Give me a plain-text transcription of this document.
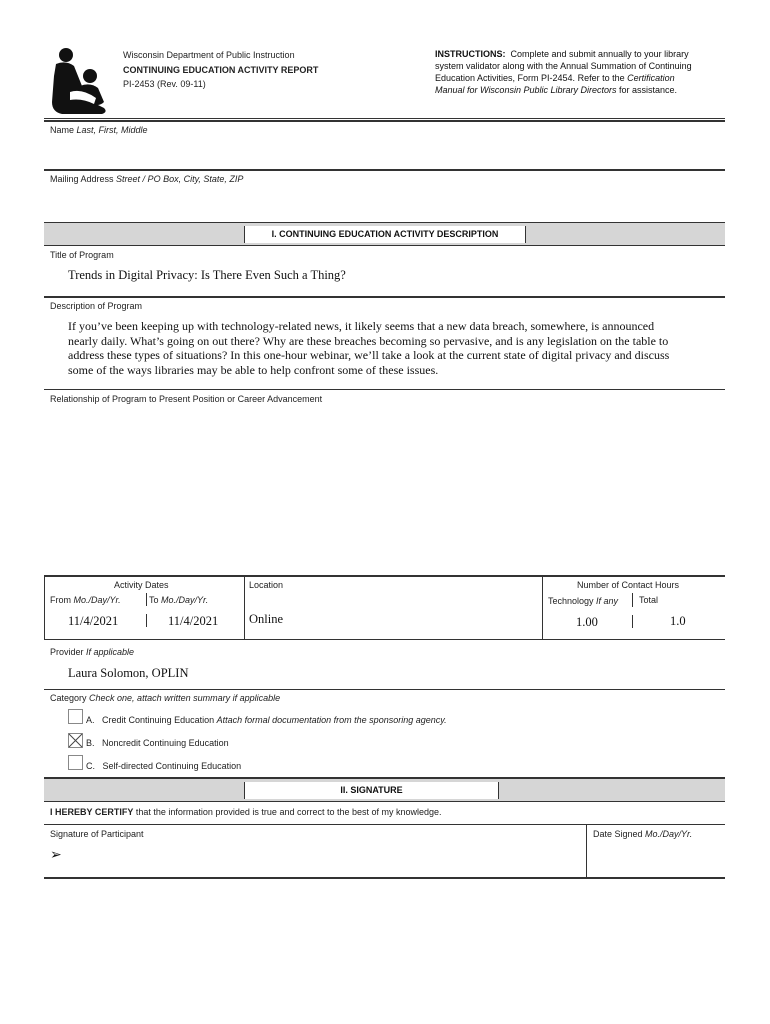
Wisconsin Department of Public Instruction
CONTINUING EDUCATION ACTIVITY REPORT
PI-2453 (Rev. 09-11)
INSTRUCTIONS: Complete and submit annually to your library
system validator along with the Annual Summation of Continuing
Education Activities, Form PI-2454. Refer to the Certification
Manual for Wisconsin Public Library Directors for assistance.
Name Last, First, Middle
Mailing Address Street / PO Box, City, State, ZIP
I. CONTINUING EDUCATION ACTIVITY DESCRIPTION
Title of Program
Trends in Digital Privacy: Is There Even Such a Thing?
Description of Program
If you’ve been keeping up with technology-related news, it likely seems that a new data breach, somewhere, is announced
nearly daily. What’s going on out there? Why are these breaches becoming so pervasive, and is any legislation on the table to
address these types of situations? In this one-hour webinar, we’ll take a look at the current state of digital privacy and discuss
some of the ways libraries may be able to help confront some of these issues.
Relationship of Program to Present Position or Career Advancement
Activity Dates
From Mo./Day/Yr.	To Mo./Day/Yr.
11/4/2021	11/4/2021
Location
Online
Number of Contact Hours
Technology If any Total
1.00	1.0
Provider If applicable
Laura Solomon, OPLIN
Category Check one, attach written summary if applicable
A. Credit Continuing Education Attach formal documentation from the sponsoring agency.
B. Noncredit Continuing Education
C. Self-directed Continuing Education
II. SIGNATURE
I HEREBY CERTIFY that the information provided is true and correct to the best of my knowledge.
Signature of Participant
➢
Date Signed Mo./Day/Yr.
